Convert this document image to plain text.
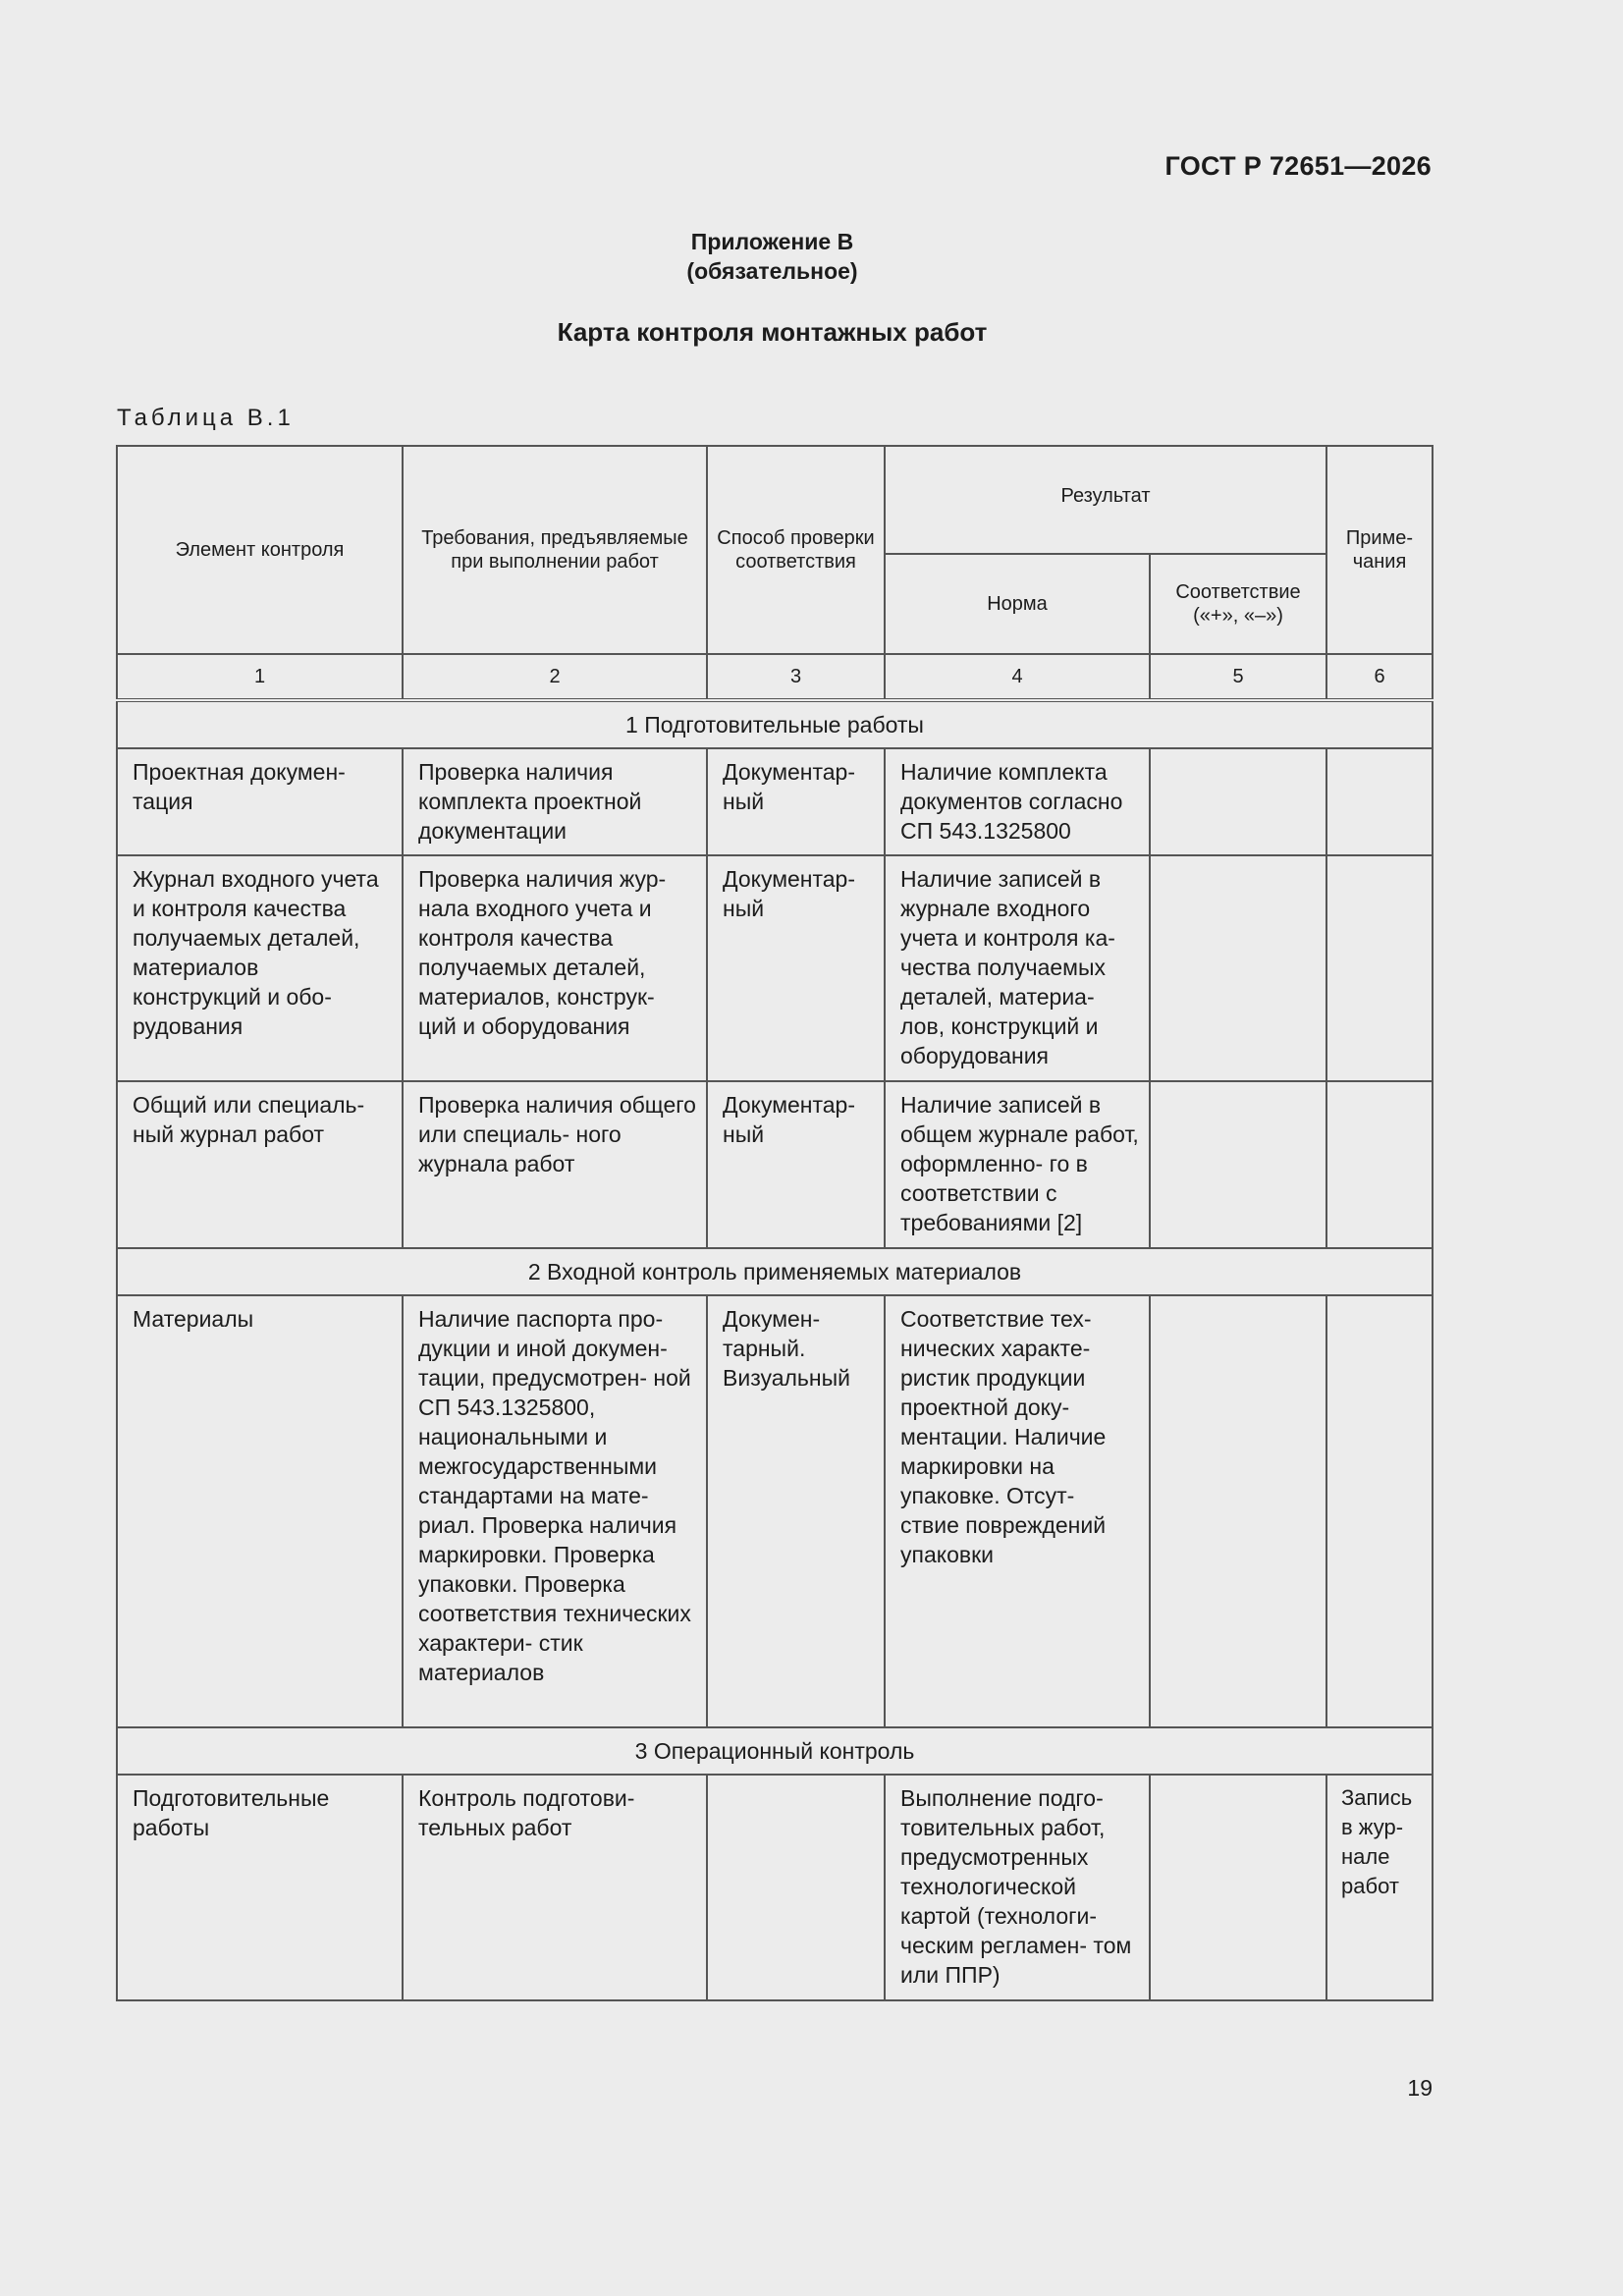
ГОСТ Р 72651—2026
Приложение В
(обязательное)
Карта контроля монтажных работ
Таблица В.1
Элемент контроля	Требования, предъявляемые при выполнении работ	Способ проверки соответствия	Результат		Приме- чания
			Норма	Соответствие («+», «–»)	
1	2	3	4	5	6
1 Подготовительные работы					
Проектная докумен- тация	Проверка наличия комплекта проектной документации	Документар- ный	Наличие комплекта документов согласно СП 543.1325800		
Журнал входного учета и контроля качества получаемых деталей, материалов конструкций и обо- рудования	Проверка наличия жур- нала входного учета и контроля качества получаемых деталей, материалов, конструк- ций и оборудования	Документар- ный	Наличие записей в журнале входного учета и контроля ка- чества получаемых деталей, материа- лов, конструкций и оборудования		
Общий или специаль- ный журнал работ	Проверка наличия общего или специаль- ного журнала работ	Документар- ный	Наличие записей в общем журнале работ, оформленно- го в соответствии с требованиями [2]		
2 Входной контроль применяемых материалов					
Материалы	Наличие паспорта про- дукции и иной докумен- тации, предусмотрен- ной СП 543.1325800, национальными и межгосударственными стандартами на мате- риал. Проверка наличия маркировки. Проверка упаковки. Проверка соответствия технических характери- стик материалов	Докумен- тарный. Визуальный	Соответствие тех- нических характе- ристик продукции проектной доку- ментации. Наличие маркировки на упаковке. Отсут- ствие повреждений упаковки		
3 Операционный контроль					
Подготовительные работы	Контроль подготови- тельных работ		Выполнение подго- товительных работ, предусмотренных технологической картой (технологи- ческим регламен- том или ППР)		Запись в жур- нале работ
19
